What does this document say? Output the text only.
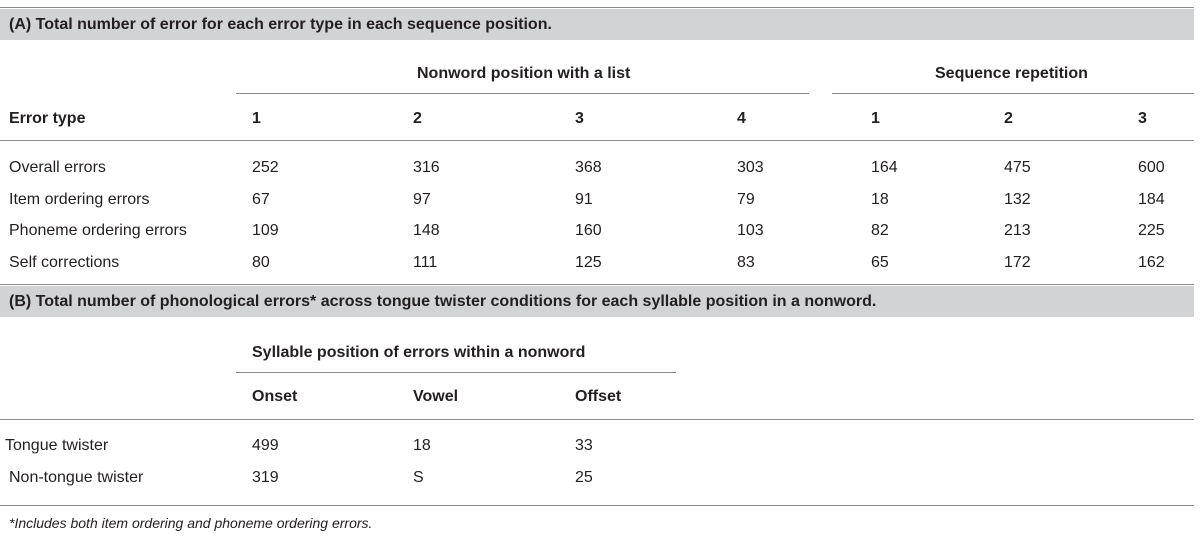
(A) Total number of error for each error type in each sequence position.
Nonword position with a list	Sequence repetition
Error type	1	2	3	4	1	2	3
Overall errors	252	316	368	303	164	475	600
Item ordering errors	67	97	91	79	18	132	184
Phoneme ordering errors	109	148	160	103	82	213	225
Self corrections	80	111	125	83	65	172	162
(B) Total number of phonological errors* across tongue twister conditions for each syllable position in a nonword.
Syllable position of errors within a nonword
Onset	Vowel	Offset
Tongue twister	499	18	33
Non-tongue twister	319	S	25
*Includes both item ordering and phoneme ordering errors.
